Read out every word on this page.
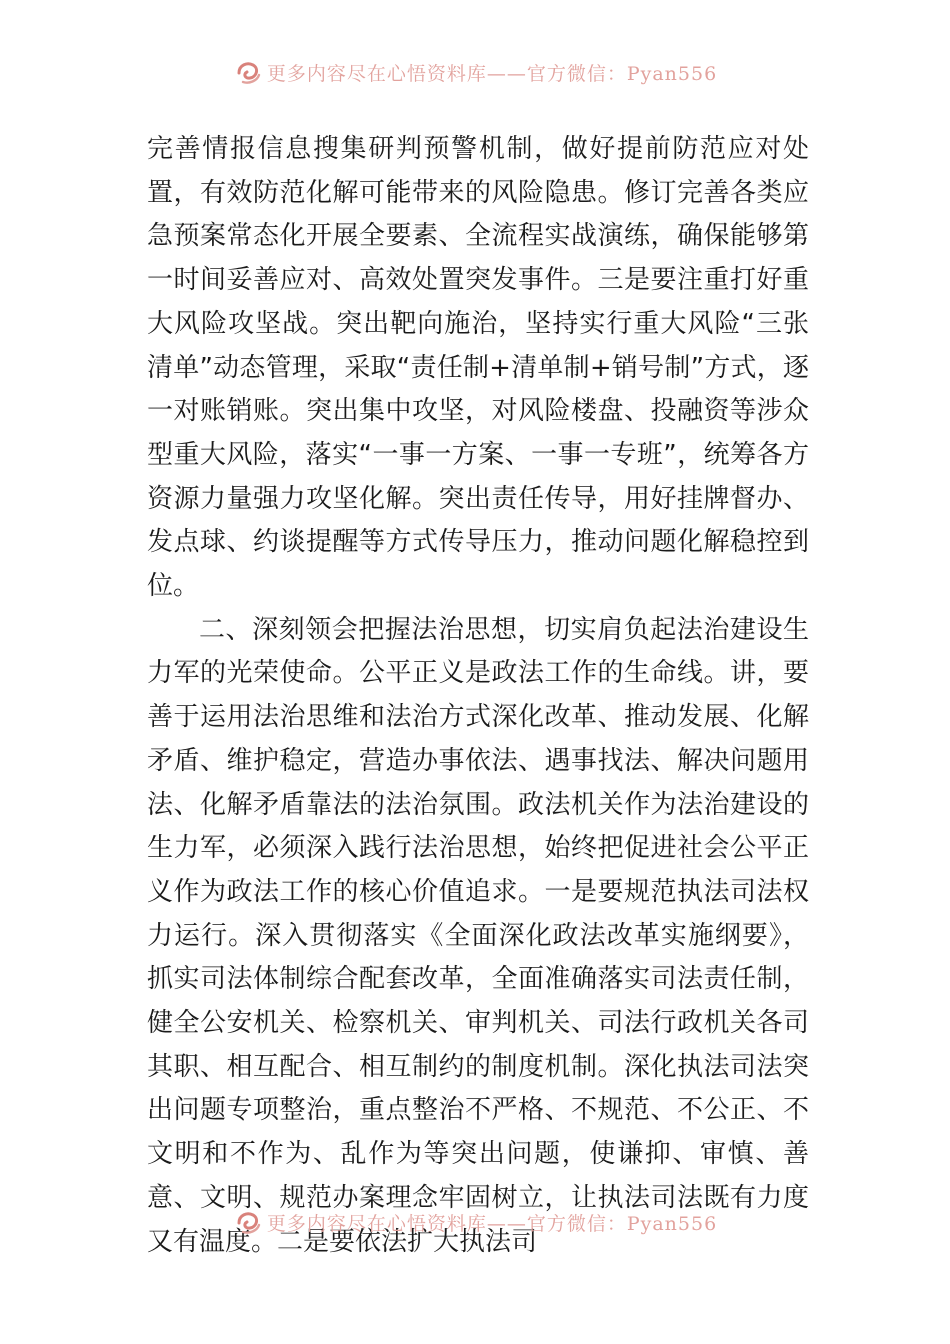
更多内容尽在心悟资料库——官方微信：Pyan556

完善情报信息搜集研判预警机制，做好提前防范应对处置，有效防范化解可能带来的风险隐患。修订完善各类应急预案常态化开展全要素、全流程实战演练，确保能够第一时间妥善应对、高效处置突发事件。三是要注重打好重大风险攻坚战。突出靶向施治，坚持实行重大风险“三张清单”动态管理，采取“责任制+清单制+销号制”方式，逐一对账销账。突出集中攻坚，对风险楼盘、投融资等涉众型重大风险，落实“一事一方案、一事一专班”，统筹各方资源力量强力攻坚化解。突出责任传导，用好挂牌督办、发点球、约谈提醒等方式传导压力，推动问题化解稳控到位。

二、深刻领会把握法治思想，切实肩负起法治建设生力军的光荣使命。公平正义是政法工作的生命线。讲，要善于运用法治思维和法治方式深化改革、推动发展、化解矛盾、维护稳定，营造办事依法、遇事找法、解决问题用法、化解矛盾靠法的法治氛围。政法机关作为法治建设的生力军，必须深入践行法治思想，始终把促进社会公平正义作为政法工作的核心价值追求。一是要规范执法司法权力运行。深入贯彻落实《全面深化政法改革实施纲要》，抓实司法体制综合配套改革，全面准确落实司法责任制，健全公安机关、检察机关、审判机关、司法行政机关各司其职、相互配合、相互制约的制度机制。深化执法司法突出问题专项整治，重点整治不严格、不规范、不公正、不文明和不作为、乱作为等突出问题，使谦抑、审慎、善意、文明、规范办案理念牢固树立，让执法司法既有力度又有温度。二是要依法扩大执法司

更多内容尽在心悟资料库——官方微信：Pyan556
